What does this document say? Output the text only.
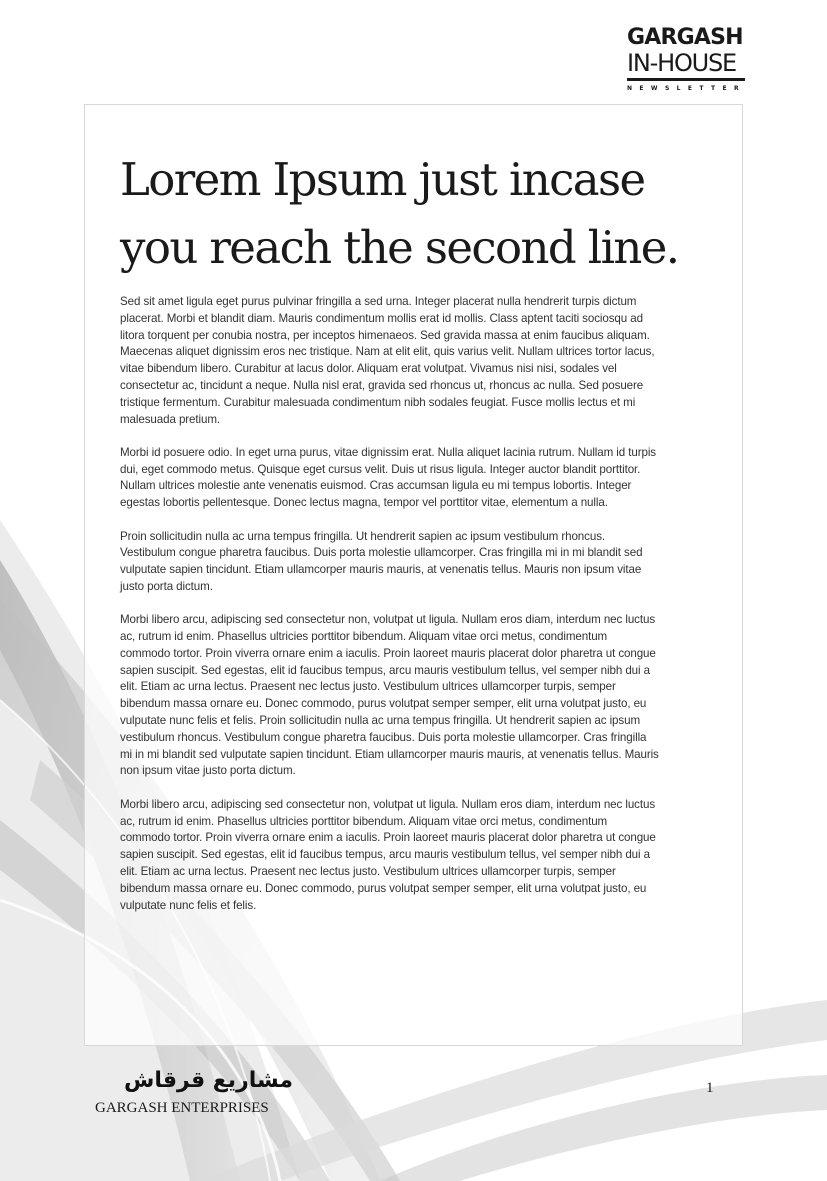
GARGASH
IN-HOUSE
NEWSLETTER
Lorem Ipsum just incase
you reach the second line.

Sed sit amet ligula eget purus pulvinar fringilla a sed urna. Integer placerat nulla hendrerit turpis dictum placerat. Morbi et blandit diam. Mauris condimentum mollis erat id mollis. Class aptent taciti sociosqu ad litora torquent per conubia nostra, per inceptos himenaeos. Sed gravida massa at enim faucibus aliquam. Maecenas aliquet dignissim eros nec tristique. Nam at elit elit, quis varius velit. Nullam ultrices tortor lacus, vitae bibendum libero. Curabitur at lacus dolor. Aliquam erat volutpat. Vivamus nisi nisi, sodales vel consectetur ac, tincidunt a neque. Nulla nisl erat, gravida sed rhoncus ut, rhoncus ac nulla. Sed posuere tristique fermentum. Curabitur malesuada condimentum nibh sodales feugiat. Fusce mollis lectus et mi malesuada pretium.

Morbi id posuere odio. In eget urna purus, vitae dignissim erat. Nulla aliquet lacinia rutrum. Nullam id turpis dui, eget commodo metus. Quisque eget cursus velit. Duis ut risus ligula. Integer auctor blandit porttitor. Nullam ultrices molestie ante venenatis euismod. Cras accumsan ligula eu mi tempus lobortis. Integer egestas lobortis pellentesque. Donec lectus magna, tempor vel porttitor vitae, elementum a nulla.

Proin sollicitudin nulla ac urna tempus fringilla. Ut hendrerit sapien ac ipsum vestibulum rhoncus. Vestibulum congue pharetra faucibus. Duis porta molestie ullamcorper. Cras fringilla mi in mi blandit sed vulputate sapien tincidunt. Etiam ullamcorper mauris mauris, at venenatis tellus. Mauris non ipsum vitae justo porta dictum.

Morbi libero arcu, adipiscing sed consectetur non, volutpat ut ligula. Nullam eros diam, interdum nec luctus ac, rutrum id enim. Phasellus ultricies porttitor bibendum. Aliquam vitae orci metus, condimentum commodo tortor. Proin viverra ornare enim a iaculis. Proin laoreet mauris placerat dolor pharetra ut congue sapien suscipit. Sed egestas, elit id faucibus tempus, arcu mauris vestibulum tellus, vel semper nibh dui a elit. Etiam ac urna lectus. Praesent nec lectus justo. Vestibulum ultrices ullamcorper turpis, semper bibendum massa ornare eu. Donec commodo, purus volutpat semper semper, elit urna volutpat justo, eu vulputate nunc felis et felis. Proin sollicitudin nulla ac urna tempus fringilla. Ut hendrerit sapien ac ipsum vestibulum rhoncus. Vestibulum congue pharetra faucibus. Duis porta molestie ullamcorper. Cras fringilla mi in mi blandit sed vulputate sapien tincidunt. Etiam ullamcorper mauris mauris, at venenatis tellus. Mauris non ipsum vitae justo porta dictum.

Morbi libero arcu, adipiscing sed consectetur non, volutpat ut ligula. Nullam eros diam, interdum nec luctus ac, rutrum id enim. Phasellus ultricies porttitor bibendum. Aliquam vitae orci metus, condimentum commodo tortor. Proin viverra ornare enim a iaculis. Proin laoreet mauris placerat dolor pharetra ut congue sapien suscipit. Sed egestas, elit id faucibus tempus, arcu mauris vestibulum tellus, vel semper nibh dui a elit. Etiam ac urna lectus. Praesent nec lectus justo. Vestibulum ultrices ullamcorper turpis, semper bibendum massa ornare eu. Donec commodo, purus volutpat semper semper, elit urna volutpat justo, eu vulputate nunc felis et felis.

مشاريع قرقاش
GARGASH ENTERPRISES
1
